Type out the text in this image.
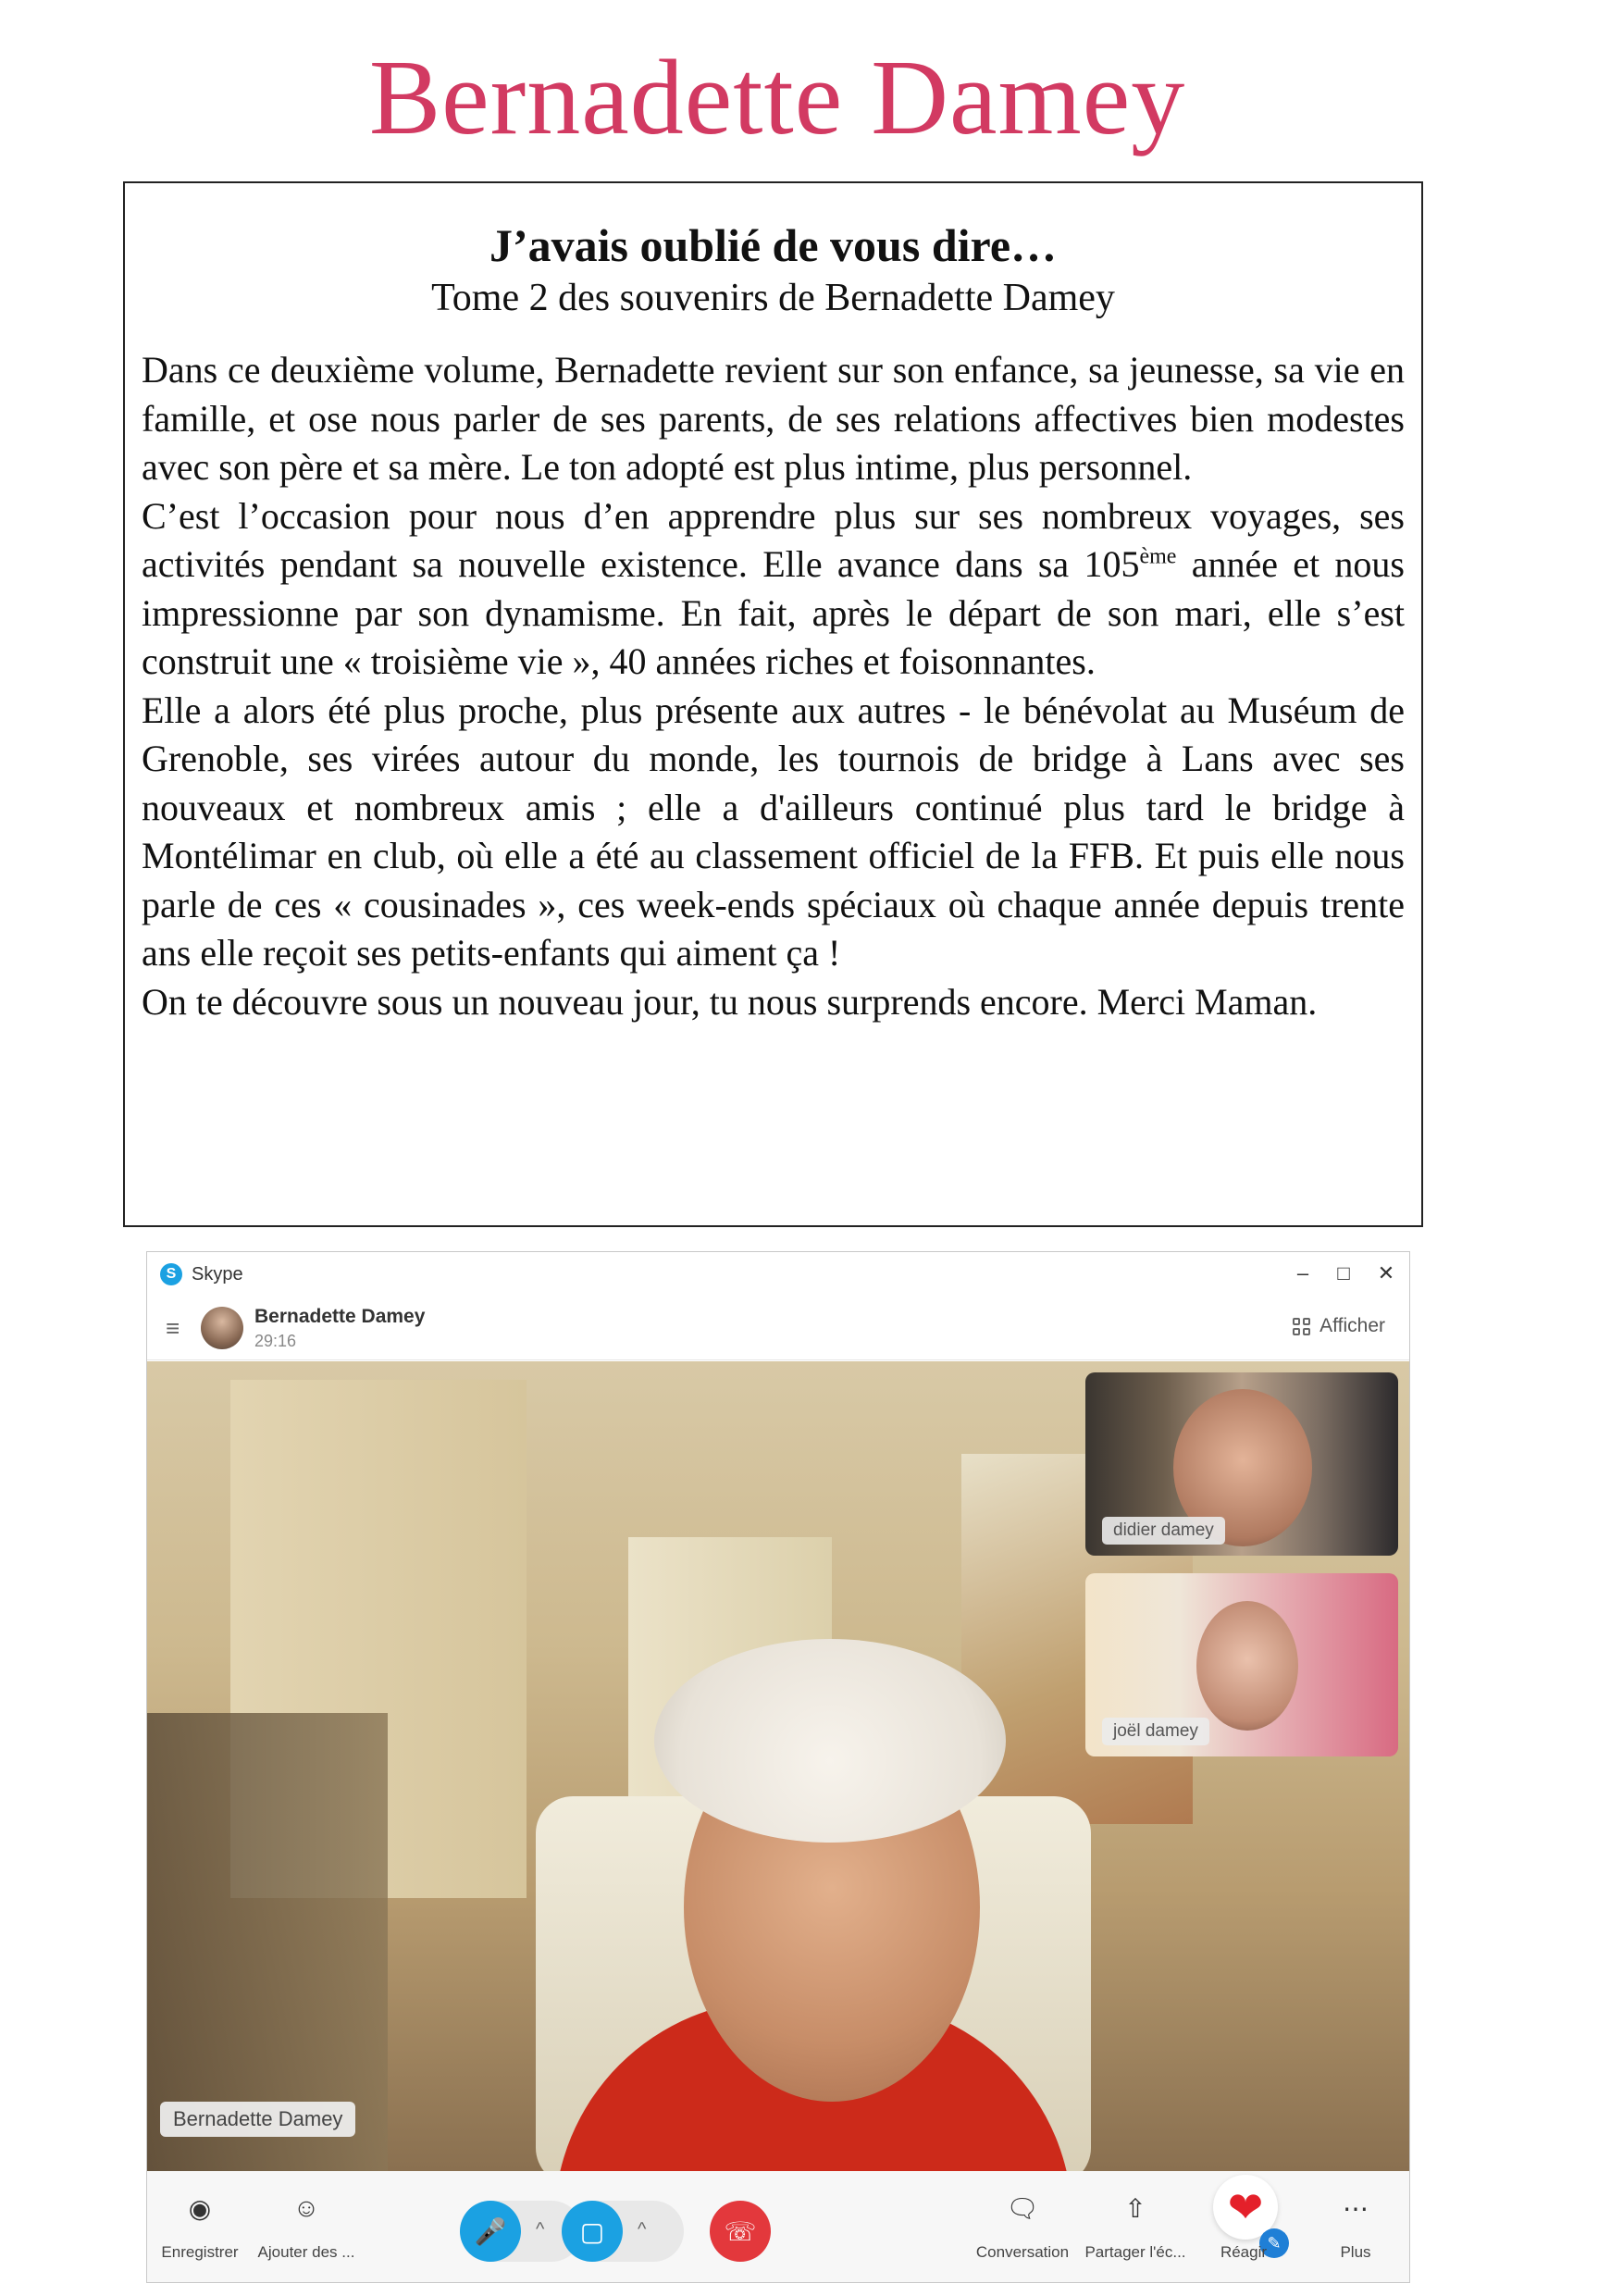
Bernadette Damey
J’avais oublié de vous dire…
Tome 2 des souvenirs de Bernadette Damey

Dans ce deuxième volume, Bernadette revient sur son enfance, sa jeunesse, sa vie en famille, et ose nous parler de ses parents, de ses relations affectives bien modestes avec son père et sa mère. Le ton adopté est plus intime, plus personnel.

C’est l’occasion pour nous d’en apprendre plus sur ses nombreux voyages, ses activités pendant sa nouvelle existence. Elle avance dans sa 105ème année et nous impressionne par son dynamisme. En fait, après le départ de son mari, elle s’est construit une « troisième vie », 40 années riches et foisonnantes.

Elle a alors été plus proche, plus présente aux autres - le bénévolat au Muséum de Grenoble, ses virées autour du monde, les tournois de bridge à Lans avec ses nouveaux et nombreux amis ; elle a d'ailleurs continué plus tard le bridge à Montélimar en club, où elle a été au classement officiel de la FFB. Et puis elle nous parle de ces « cousinades », ces week-ends spéciaux où chaque année depuis trente ans elle reçoit ses petits-enfants qui aiment ça !

On te découvre sous un nouveau jour, tu nous surprends encore. Merci Maman.

S Skype	–	□	✕
≡	Bernadette Damey
29:16
Afficher
Bernadette Damey
didier damey
joël damey
◉
Enregistrer
☺
Ajouter des ...
🎤 ^ ▢ ^	☏
🗨
Conversation
⇧
Partager l'éc...
❤
✎
Réagir
⋯
Plus
